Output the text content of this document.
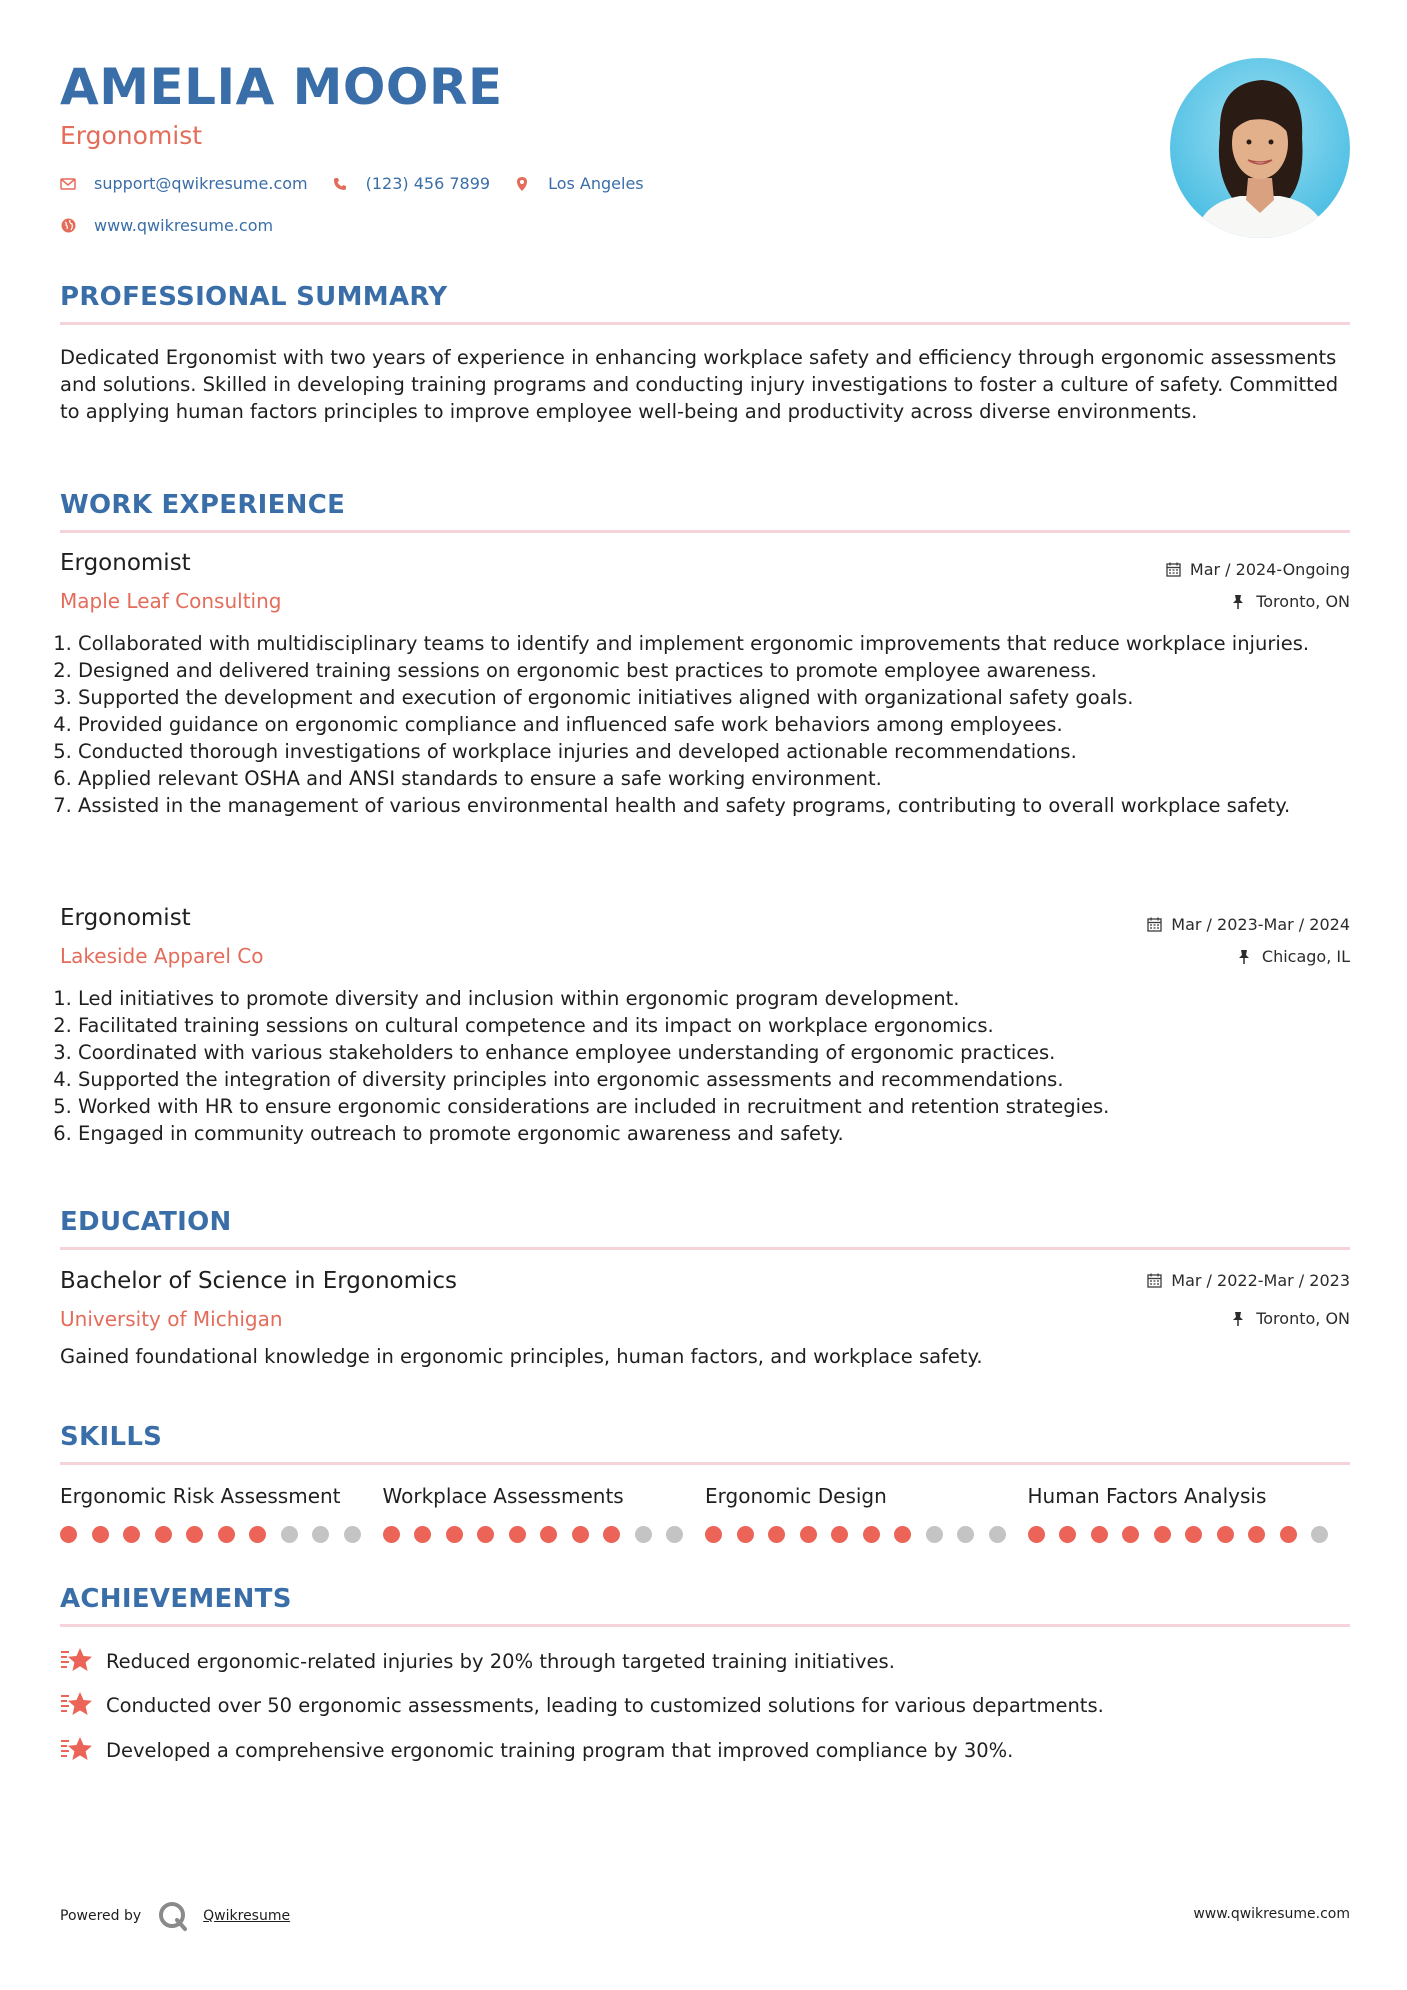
AMELIA MOORE
Ergonomist
support@qwikresume.com	(123) 456 7899	Los Angeles
www.qwikresume.com
PROFESSIONAL SUMMARY

Dedicated Ergonomist with two years of experience in enhancing workplace safety and efficiency through ergonomic assessments and solutions. Skilled in developing training programs and conducting injury investigations to foster a culture of safety. Committed to applying human factors principles to improve employee well-being and productivity across diverse environments.

WORK EXPERIENCE
Ergonomist
Maple Leaf Consulting
Mar / 2024-Ongoing
Toronto, ON
1. Collaborated with multidisciplinary teams to identify and implement ergonomic improvements that reduce workplace injuries.
2. Designed and delivered training sessions on ergonomic best practices to promote employee awareness.
3. Supported the development and execution of ergonomic initiatives aligned with organizational safety goals.
4. Provided guidance on ergonomic compliance and influenced safe work behaviors among employees.
5. Conducted thorough investigations of workplace injuries and developed actionable recommendations.
6. Applied relevant OSHA and ANSI standards to ensure a safe working environment.
7. Assisted in the management of various environmental health and safety programs, contributing to overall workplace safety.
Ergonomist
Lakeside Apparel Co
Mar / 2023-Mar / 2024
Chicago, IL
1. Led initiatives to promote diversity and inclusion within ergonomic program development.
2. Facilitated training sessions on cultural competence and its impact on workplace ergonomics.
3. Coordinated with various stakeholders to enhance employee understanding of ergonomic practices.
4. Supported the integration of diversity principles into ergonomic assessments and recommendations.
5. Worked with HR to ensure ergonomic considerations are included in recruitment and retention strategies.
6. Engaged in community outreach to promote ergonomic awareness and safety.
EDUCATION
Bachelor of Science in Ergonomics
University of Michigan
Mar / 2022-Mar / 2023
Toronto, ON
Gained foundational knowledge in ergonomic principles, human factors, and workplace safety.
SKILLS
Ergonomic Risk Assessment	Workplace Assessments	Ergonomic Design	Human Factors Analysis
ACHIEVEMENTS
Reduced ergonomic-related injuries by 20% through targeted training initiatives.
Conducted over 50 ergonomic assessments, leading to customized solutions for various departments.
Developed a comprehensive ergonomic training program that improved compliance by 30%.
Powered by	Qwikresume	www.qwikresume.com
